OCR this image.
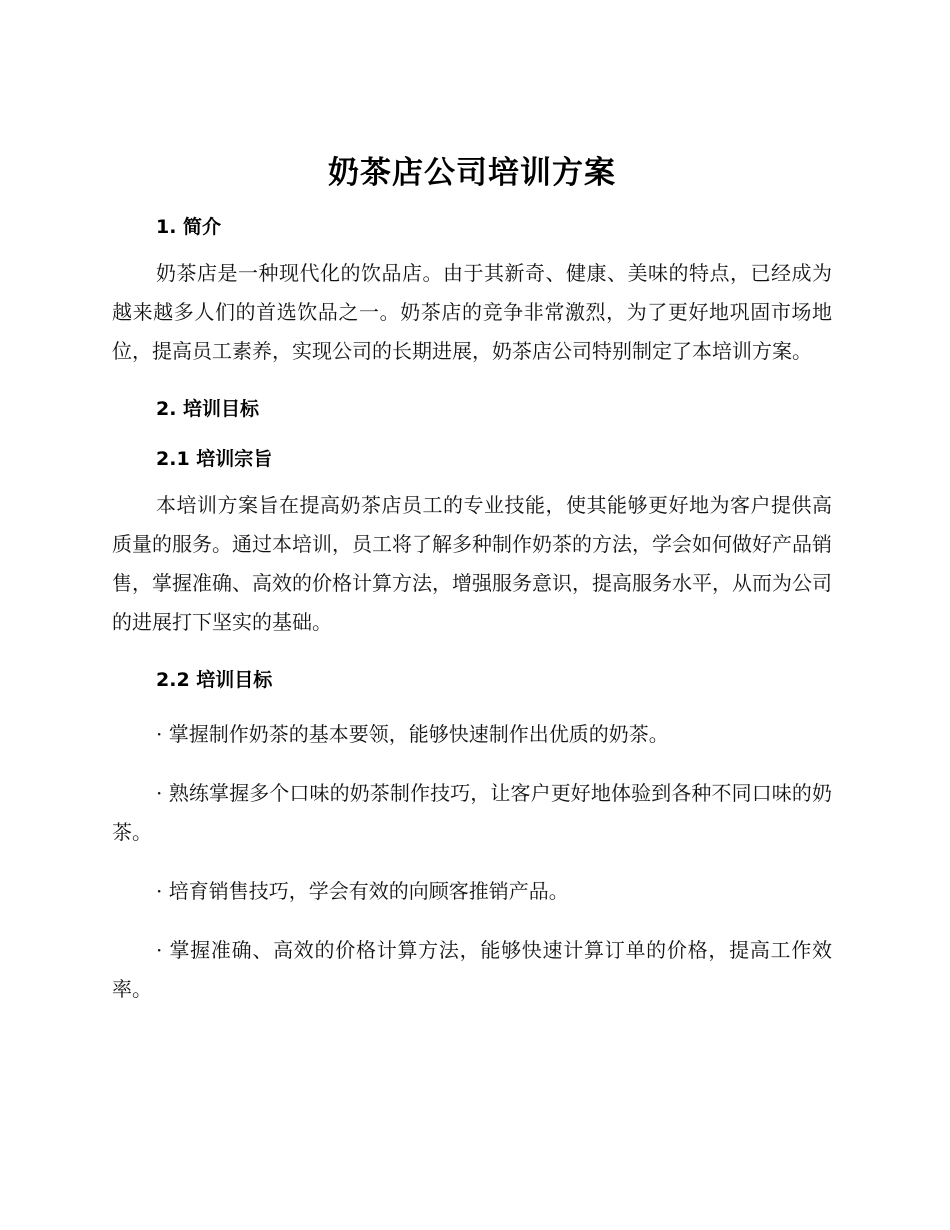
奶茶店公司培训方案

1. 简介

奶茶店是一种现代化的饮品店。由于其新奇、健康、美味的特点，已经成为越来越多人们的首选饮品之一。奶茶店的竞争非常激烈，为了更好地巩固市场地位，提高员工素养，实现公司的长期进展，奶茶店公司特别制定了本培训方案。

2. 培训目标

2.1 培训宗旨

本培训方案旨在提高奶茶店员工的专业技能，使其能够更好地为客户提供高质量的服务。通过本培训，员工将了解多种制作奶茶的方法，学会如何做好产品销售，掌握准确、高效的价格计算方法，增强服务意识，提高服务水平，从而为公司的进展打下坚实的基础。

2.2 培训目标

· 掌握制作奶茶的基本要领，能够快速制作出优质的奶茶。

· 熟练掌握多个口味的奶茶制作技巧，让客户更好地体验到各种不同口味的奶茶。

· 培育销售技巧，学会有效的向顾客推销产品。

· 掌握准确、高效的价格计算方法，能够快速计算订单的价格，提高工作效率。
